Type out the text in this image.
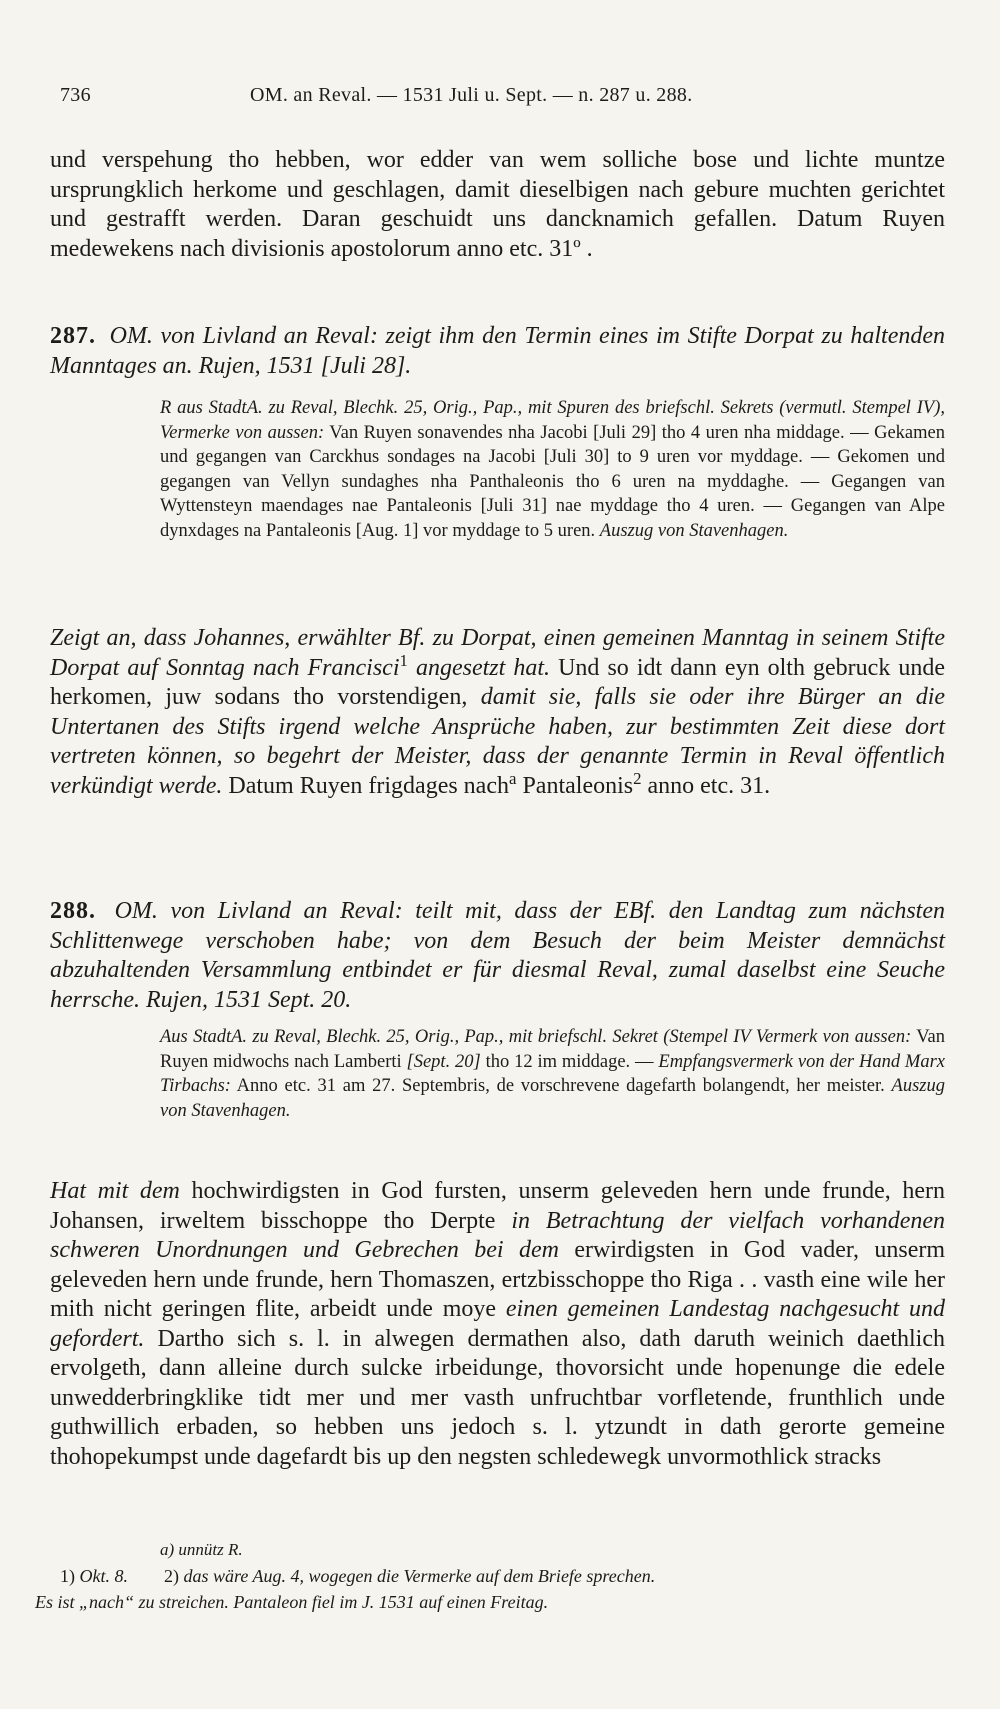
736	OM. an Reval. — 1531 Juli u. Sept. — n. 287 u. 288.

und verspehung tho hebben, wor edder van wem solliche bose und lichte muntze ursprungklich herkome und geschlagen, damit dieselbigen nach gebure muchten gerichtet und gestrafft werden. Daran geschuidt uns dancknamich gefallen. Datum Ruyen medewekens nach divisionis apostolorum anno etc. 31º .

287. OM. von Livland an Reval: zeigt ihm den Termin eines im Stifte Dorpat zu haltenden Manntages an. Rujen, 1531 [Juli 28].

R aus StadtA. zu Reval, Blechk. 25, Orig., Pap., mit Spuren des briefschl. Sekrets (vermutl. Stempel IV), Vermerke von aussen: Van Ruyen sonavendes nha Jacobi [Juli 29] tho 4 uren nha middage. — Gekamen und gegangen van Carckhus sondages na Jacobi [Juli 30] to 9 uren vor myddage. — Gekomen und gegangen van Vellyn sundaghes nha Panthaleonis tho 6 uren na myddaghe. — Gegangen van Wyttensteyn maendages nae Pantaleonis [Juli 31] nae myddage tho 4 uren. — Gegangen van Alpe dynxdages na Pantaleonis [Aug. 1] vor myddage to 5 uren. Auszug von Stavenhagen.

Zeigt an, dass Johannes, erwählter Bf. zu Dorpat, einen gemeinen Manntag in seinem Stifte Dorpat auf Sonntag nach Francisci$^1$ angesetzt hat. Und so idt dann eyn olth gebruck unde herkomen, juw sodans tho vorstendigen, damit sie, falls sie oder ihre Bürger an die Untertanen des Stifts irgend welche Ansprüche haben, zur bestimmten Zeit diese dort vertreten können, so begehrt der Meister, dass der genannte Termin in Reval öffentlich verkündigt werde. Datum Ruyen frigdages nach$^a$ Pantaleonis$^2$ anno etc. 31.

288. OM. von Livland an Reval: teilt mit, dass der EBf. den Landtag zum nächsten Schlittenwege verschoben habe; von dem Besuch der beim Meister demnächst abzuhaltenden Versammlung entbindet er für diesmal Reval, zumal daselbst eine Seuche herrsche. Rujen, 1531 Sept. 20.

Aus StadtA. zu Reval, Blechk. 25, Orig., Pap., mit briefschl. Sekret (Stempel IV Vermerk von aussen: Van Ruyen midwochs nach Lamberti [Sept. 20] tho 12 im middage. — Empfangsvermerk von der Hand Marx Tirbachs: Anno etc. 31 am 27. Septembris, de vorschrevene dagefarth bolangendt, her meister. Auszug von Stavenhagen.

Hat mit dem hochwirdigsten in God fursten, unserm geleveden hern unde frunde, hern Johansen, irweltem bisschoppe tho Derpte in Betrachtung der vielfach vorhandenen schweren Unordnungen und Gebrechen bei dem erwirdigsten in God vader, unserm geleveden hern unde frunde, hern Thomaszen, ertzbisschoppe tho Riga . . vasth eine wile her mith nicht geringen flite, arbeidt unde moye einen gemeinen Landestag nachgesucht und gefordert. Dartho sich s. l. in alwegen dermathen also, dath daruth weinich daethlich ervolgeth, dann alleine durch sulcke irbeidunge, thovorsicht unde hopenunge die edele unwedderbringklike tidt mer und mer vasth unfruchtbar vorfletende, frunthlich unde guthwillich erbaden, so hebben uns jedoch s. l. ytzundt in dath gerorte gemeine thohopekumpst unde dagefardt bis up den negsten schledewegk unvormothlick stracks

a) unnütz R.
1) Okt. 8. 2) das wäre Aug. 4, wogegen die Vermerke auf dem Briefe sprechen.
Es ist „nach“ zu streichen. Pantaleon fiel im J. 1531 auf einen Freitag.
